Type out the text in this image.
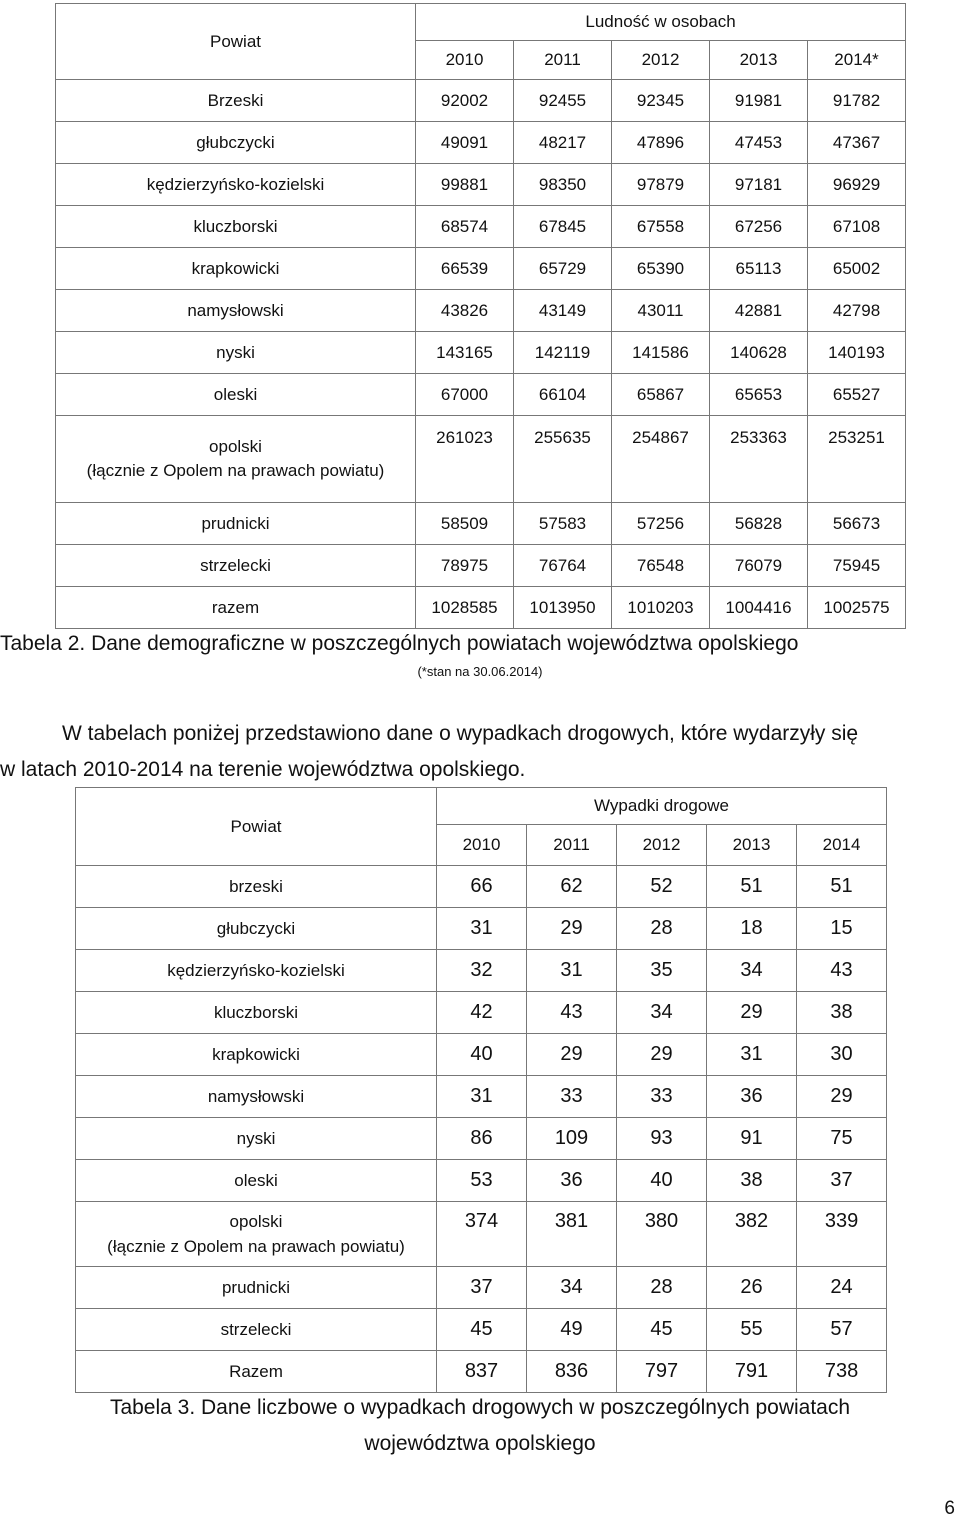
Powiat	Ludność w osobach				
	2010	2011	2012	2013	2014*

Brzeski	92002	92455	92345	91981	91782

głubczycki	49091	48217	47896	47453	47367

kędzierzyńsko-kozielski	99881	98350	97879	97181	96929

kluczborski	68574	67845	67558	67256	67108

krapkowicki	66539	65729	65390	65113	65002

namysłowski	43826	43149	43011	42881	42798

nyski	143165	142119	141586	140628	140193

oleski	67000	66104	65867	65653	65527

opolski
(łącznie z Opolem na prawach powiatu)	261023	255635	254867	253363	253251

prudnicki	58509	57583	57256	56828	56673

strzelecki	78975	76764	76548	76079	75945

razem	1028585	1013950	1010203	1004416	1002575
Tabela 2. Dane demograficzne w poszczególnych powiatach województwa opolskiego
(*stan na 30.06.2014)
W tabelach poniżej przedstawiono dane o wypadkach drogowych, które wydarzyły się
w latach 2010-2014 na terenie województwa opolskiego.
Powiat	Wypadki drogowe				
	2010	2011	2012	2013	2014

brzeski	66	62	52	51	51

głubczycki	31	29	28	18	15

kędzierzyńsko-kozielski	32	31	35	34	43

kluczborski	42	43	34	29	38

krapkowicki	40	29	29	31	30

namysłowski	31	33	33	36	29

nyski	86	109	93	91	75

oleski	53	36	40	38	37

opolski
(łącznie z Opolem na prawach powiatu)	374	381	380	382	339

prudnicki	37	34	28	26	24

strzelecki	45	49	45	55	57

Razem	837	836	797	791	738
Tabela 3. Dane liczbowe o wypadkach drogowych w poszczególnych powiatach
województwa opolskiego
6
